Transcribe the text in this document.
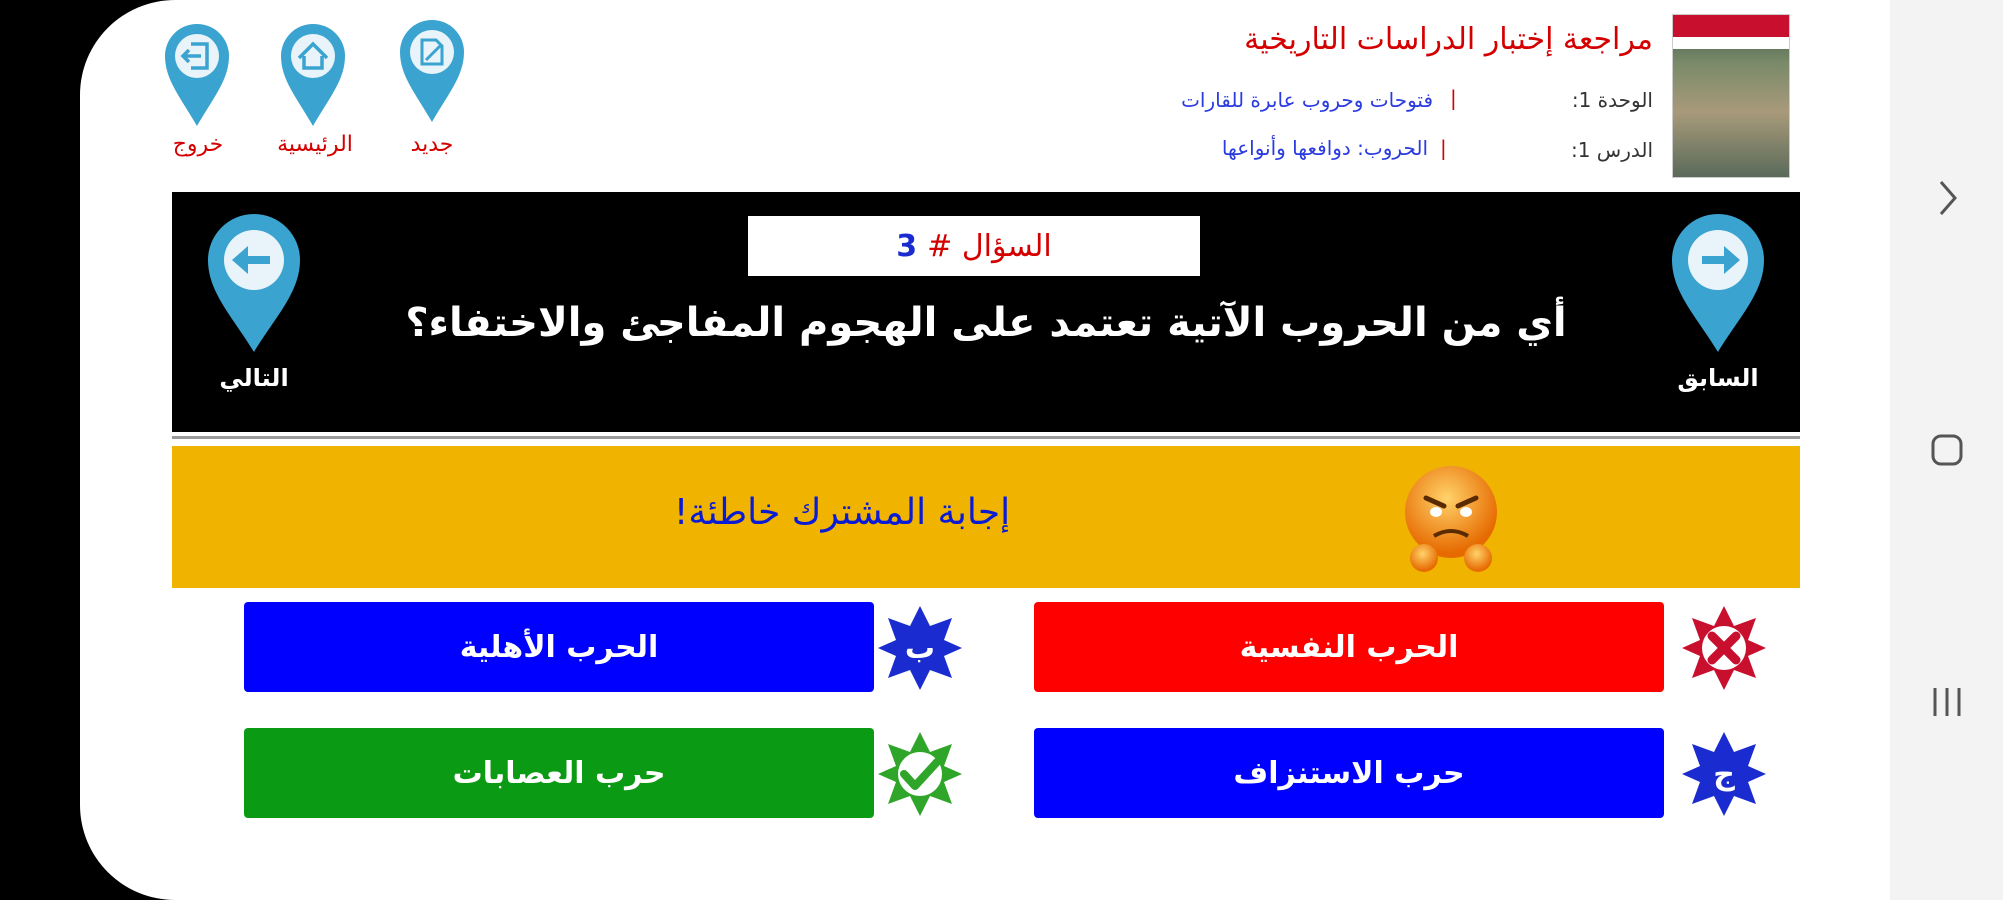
جديد
الرئيسية
خروج
مراجعة إختبار الدراسات التاريخية
الوحدة 1:
|
فتوحات وحروب عابرة للقارات
الدرس 1:
|
الحروب: دوافعها وأنواعها
السؤال #
3
أي من الحروب الآتية تعتمد على الهجوم المفاجئ والاختفاء؟
السابق
التالي
إجابة المشترك خاطئة!
الحرب الأهلية	ب	الحرب النفسية
حرب العصابات	حرب الاستنزاف	ج
